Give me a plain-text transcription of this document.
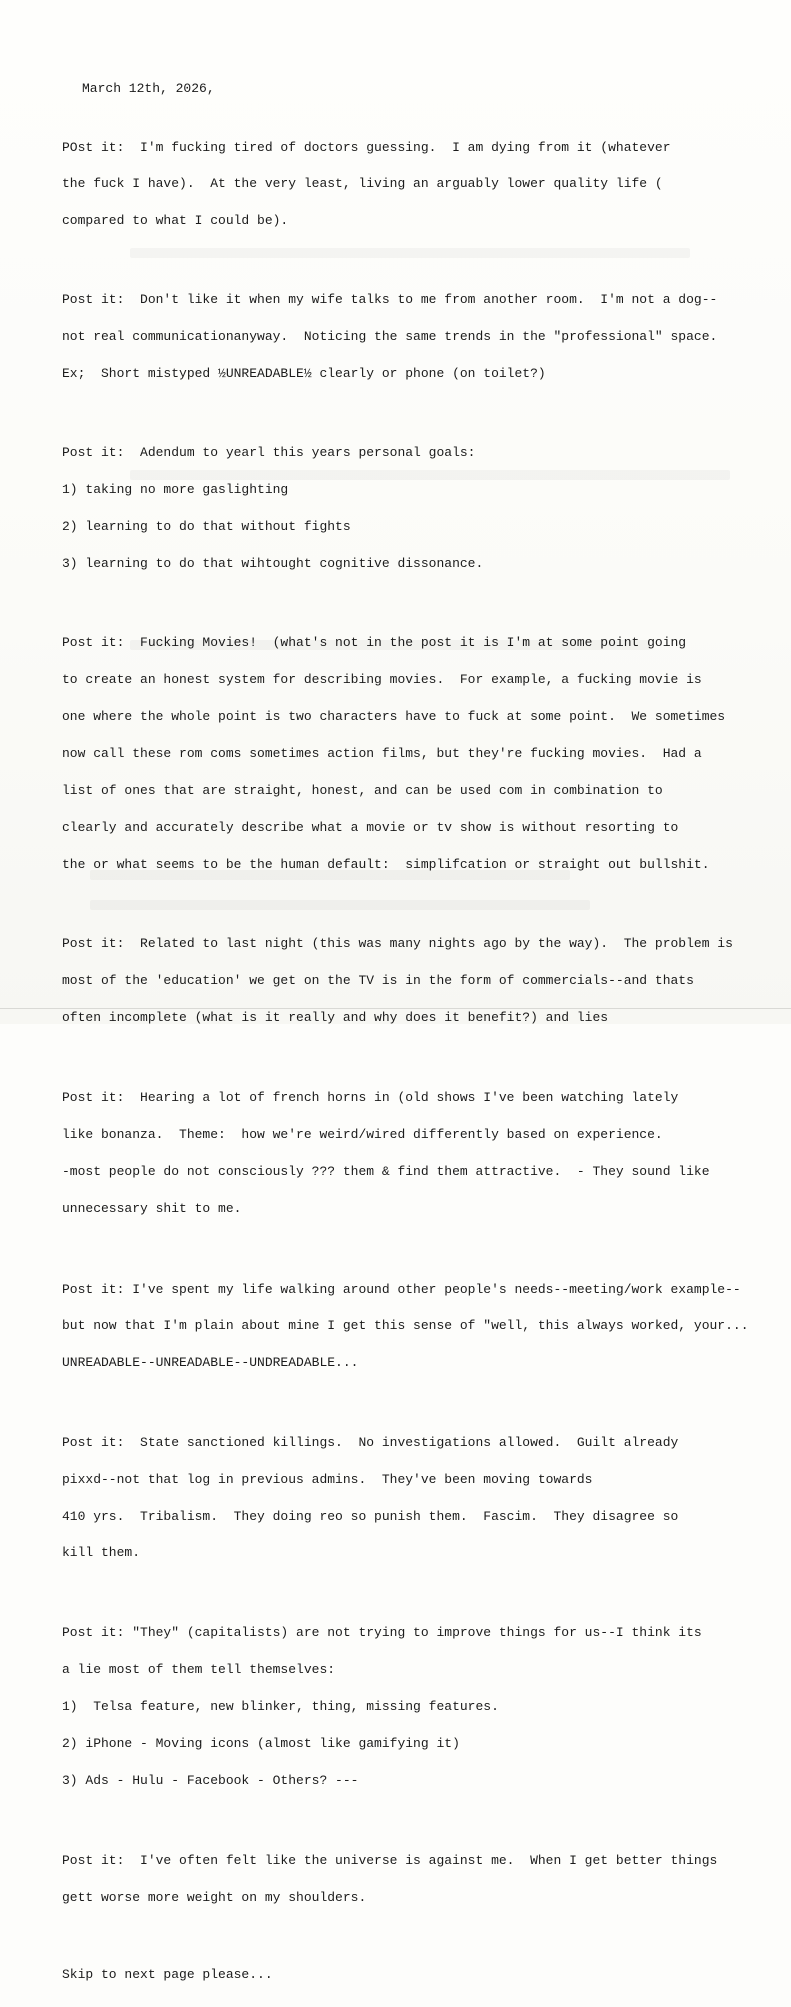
March 12th, 2026,

POst it:  I'm fucking tired of doctors guessing.  I am dying from it (whatever

the fuck I have).  At the very least, living an arguably lower quality life (

compared to what I could be).

Post it:  Don't like it when my wife talks to me from another room.  I'm not a dog--

not real communicationanyway.  Noticing the same trends in the "professional" space.

Ex;  Short mistyped ½UNREADABLE½ clearly or phone (on toilet?)

Post it:  Adendum to yearl this years personal goals:

1) taking no more gaslighting

2) learning to do that without fights

3) learning to do that wihtought cognitive dissonance.

Post it:  Fucking Movies!  (what's not in the post it is I'm at some point going

to create an honest system for describing movies.  For example, a fucking movie is

one where the whole point is two characters have to fuck at some point.  We sometimes

now call these rom coms sometimes action films, but they're fucking movies.  Had a

list of ones that are straight, honest, and can be used com in combination to

clearly and accurately describe what a movie or tv show is without resorting to

the or what seems to be the human default:  simplifcation or straight out bullshit.

Post it:  Related to last night (this was many nights ago by the way).  The problem is

most of the 'education' we get on the TV is in the form of commercials--and thats

often incomplete (what is it really and why does it benefit?) and lies

Post it:  Hearing a lot of french horns in (old shows I've been watching lately

like bonanza.  Theme:  how we're weird/wired differently based on experience.

-most people do not consciously ??? them & find them attractive.  - They sound like

unnecessary shit to me.

Post it: I've spent my life walking around other people's needs--meeting/work example--

but now that I'm plain about mine I get this sense of "well, this always worked, your...

UNREADABLE--UNREADABLE--UNDREADABLE...

Post it:  State sanctioned killings.  No investigations allowed.  Guilt already

pixxd--not that log in previous admins.  They've been moving towards

410 yrs.  Tribalism.  They doing reo so punish them.  Fascim.  They disagree so

kill them.

Post it: "They" (capitalists) are not trying to improve things for us--I think its

a lie most of them tell themselves:

1)  Telsa feature, new blinker, thing, missing features.

2) iPhone - Moving icons (almost like gamifying it)

3) Ads - Hulu - Facebook - Others? ---

Post it:  I've often felt like the universe is against me.  When I get better things

gett worse more weight on my shoulders.

Skip to next page please...
